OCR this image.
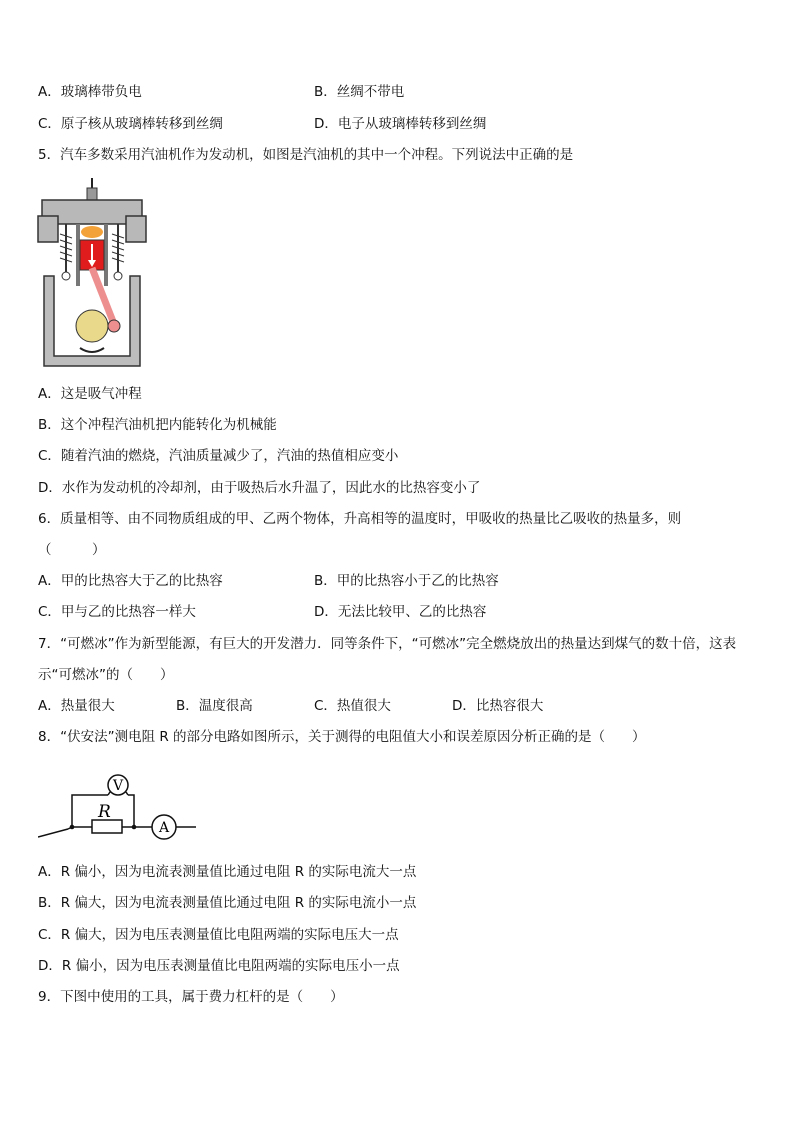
A．玻璃棒带负电	B．丝绸不带电
C．原子核从玻璃棒转移到丝绸	D．电子从玻璃棒转移到丝绸
5．汽车多数采用汽油机作为发动机，如图是汽油机的其中一个冲程。下列说法中正确的是
A．这是吸气冲程
B．这个冲程汽油机把内能转化为机械能
C．随着汽油的燃烧，汽油质量减少了，汽油的热值相应变小
D．水作为发动机的冷却剂，由于吸热后水升温了，因此水的比热容变小了
6．质量相等、由不同物质组成的甲、乙两个物体，升高相等的温度时，甲吸收的热量比乙吸收的热量多，则
（　　　）
A．甲的比热容大于乙的比热容	B．甲的比热容小于乙的比热容
C．甲与乙的比热容一样大	D．无法比较甲、乙的比热容
7．“可燃冰”作为新型能源，有巨大的开发潜力．同等条件下，“可燃冰”完全燃烧放出的热量达到煤气的数十倍，这表
示“可燃冰”的（　　）
A．热量很大	B．温度很高	C．热值很大	D．比热容很大
8．“伏安法”测电阻 R 的部分电路如图所示，关于测得的电阻值大小和误差原因分析正确的是（　　）
V
R
A
A．R 偏小，因为电流表测量值比通过电阻 R 的实际电流大一点
B．R 偏大，因为电流表测量值比通过电阻 R 的实际电流小一点
C．R 偏大，因为电压表测量值比电阻两端的实际电压大一点
D．R 偏小，因为电压表测量值比电阻两端的实际电压小一点
9．下图中使用的工具，属于费力杠杆的是（　　）
